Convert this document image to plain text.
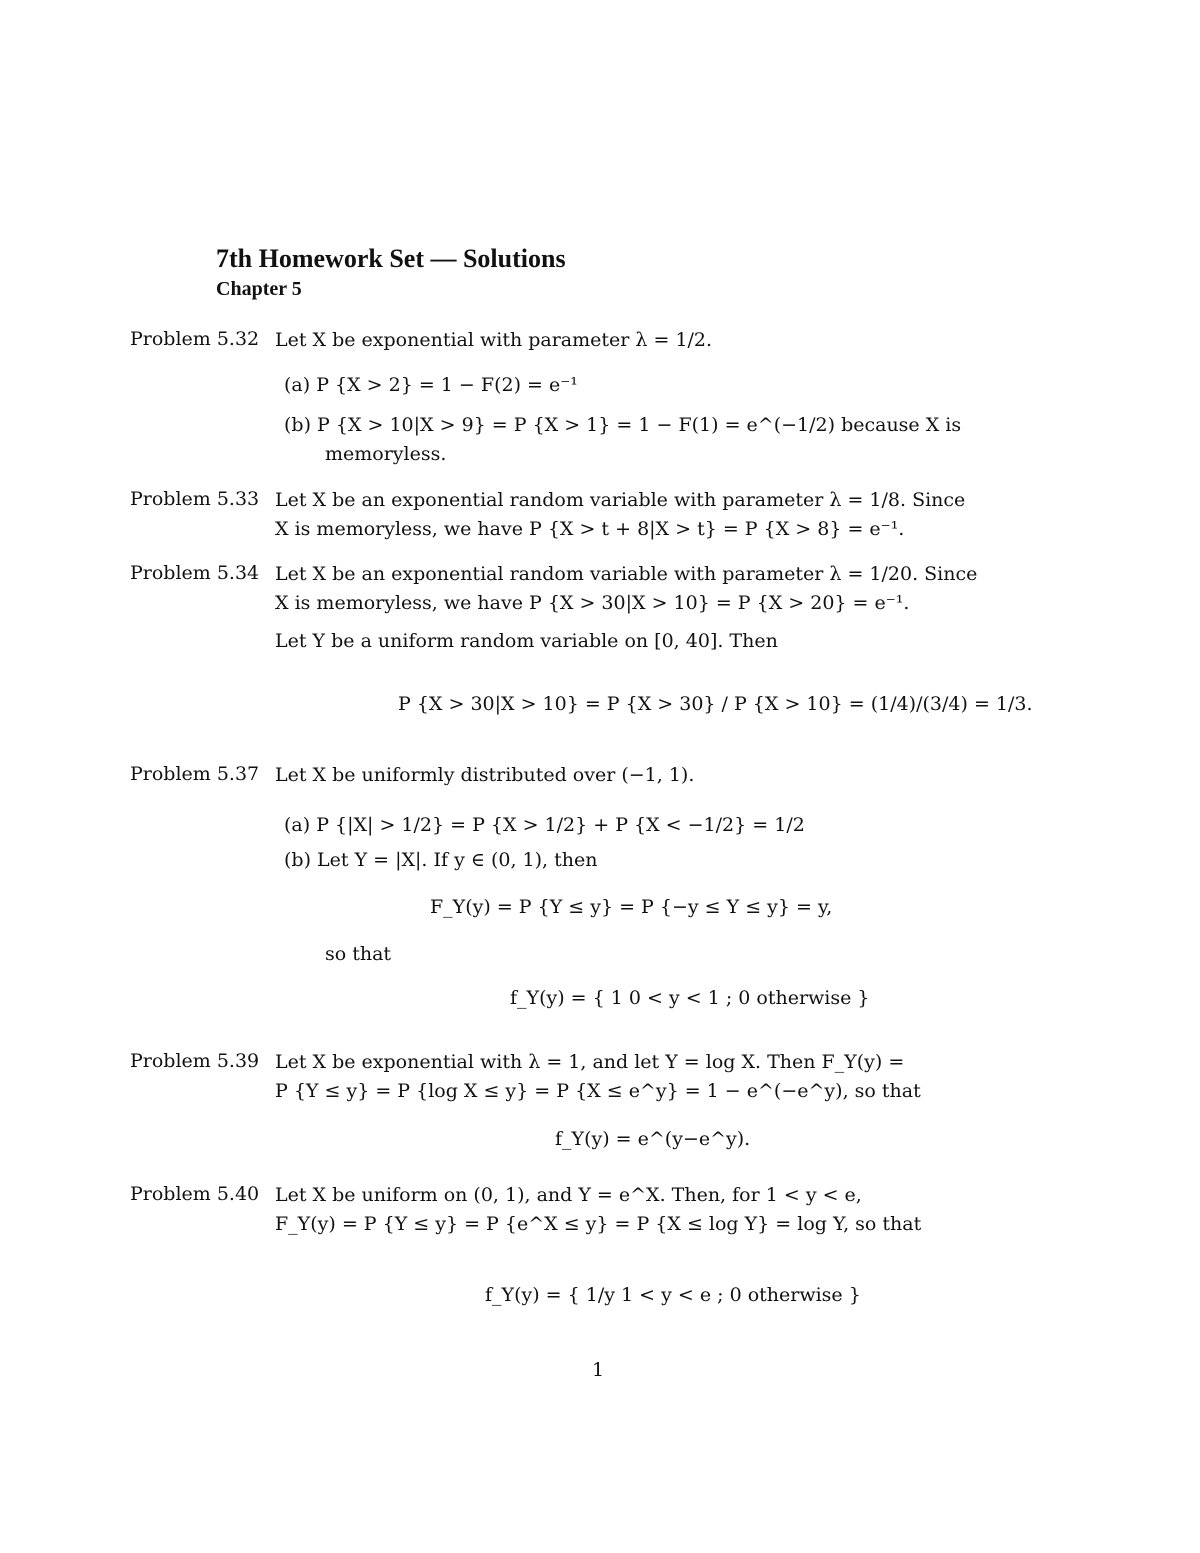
7th Homework Set — Solutions
Chapter 5
Problem 5.32 Let X be exponential with parameter λ = 1/2.
(a) P {X > 2} = 1 − F(2) = e⁻¹
(b) P {X > 10|X > 9} = P {X > 1} = 1 − F(1) = e^(−1/2) because X is
memoryless.
Problem 5.33 Let X be an exponential random variable with parameter λ = 1/8. Since
X is memoryless, we have P {X > t + 8|X > t} = P {X > 8} = e⁻¹.
Problem 5.34 Let X be an exponential random variable with parameter λ = 1/20. Since
X is memoryless, we have P {X > 30|X > 10} = P {X > 20} = e⁻¹.
Let Y be a uniform random variable on [0, 40]. Then
P {X > 30|X > 10} = P {X > 30} / P {X > 10} = (1/4)/(3/4) = 1/3.
Problem 5.37 Let X be uniformly distributed over (−1, 1).
(a) P {|X| > 1/2} = P {X > 1/2} + P {X < −1/2} = 1/2
(b) Let Y = |X|. If y ∈ (0, 1), then
F_Y(y) = P {Y ≤ y} = P {−y ≤ Y ≤ y} = y,
so that
f_Y(y) = { 1 0 < y < 1 ; 0 otherwise }
Problem 5.39 Let X be exponential with λ = 1, and let Y = log X. Then F_Y(y) =
P {Y ≤ y} = P {log X ≤ y} = P {X ≤ e^y} = 1 − e^(−e^y), so that
f_Y(y) = e^(y−e^y).
Problem 5.40 Let X be uniform on (0, 1), and Y = e^X. Then, for 1 < y < e,
F_Y(y) = P {Y ≤ y} = P {e^X ≤ y} = P {X ≤ log Y} = log Y, so that
f_Y(y) = { 1/y 1 < y < e ; 0 otherwise }
1
